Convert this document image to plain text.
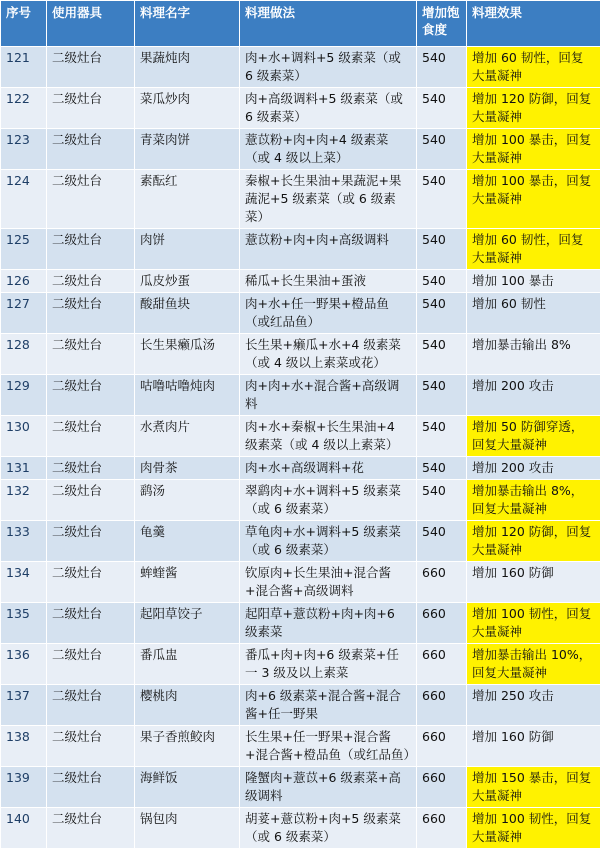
序号	使用器具	料理名字	料理做法	增加饱食度	料理效果
121	二级灶台	果蔬炖肉	肉+水+调料+5 级素菜（或 6 级素菜）	540	增加 60 韧性，回复大量凝神
122	二级灶台	菜瓜炒肉	肉+高级调料+5 级素菜（或 6 级素菜）	540	增加 120 防御，回复大量凝神
123	二级灶台	青菜肉饼	薏苡粉+肉+肉+4 级素菜（或 4 级以上菜）	540	增加 100 暴击，回复大量凝神
124	二级灶台	素酝红	秦椒+长生果油+果蔬泥+果蔬泥+5 级素菜（或 6 级素菜）	540	增加 100 暴击，回复大量凝神
125	二级灶台	肉饼	薏苡粉+肉+肉+高级调料	540	增加 60 韧性，回复大量凝神
126	二级灶台	瓜皮炒蛋	稀瓜+长生果油+蛋液	540	增加 100 暴击
127	二级灶台	酸甜鱼块	肉+水+任一野果+橙品鱼（或红品鱼）	540	增加 60 韧性
128	二级灶台	长生果癞瓜汤	长生果+癞瓜+水+4 级素菜（或 4 级以上素菜或花）	540	增加暴击输出 8%
129	二级灶台	咕噜咕噜炖肉	肉+肉+水+混合酱+高级调料	540	增加 200 攻击
130	二级灶台	水煮肉片	肉+水+秦椒+长生果油+4 级素菜（或 4 级以上素菜）	540	增加 50 防御穿透，回复大量凝神
131	二级灶台	肉骨茶	肉+水+高级调料+花	540	增加 200 攻击
132	二级灶台	鹞汤	翠鹞肉+水+调料+5 级素菜（或 6 级素菜）	540	增加暴击输出 8%，回复大量凝神
133	二级灶台	龟羹	草龟肉+水+调料+5 级素菜（或 6 级素菜）	540	增加 120 防御，回复大量凝神
134	二级灶台	蛑蝰酱	钦原肉+长生果油+混合酱+混合酱+高级调料	660	增加 160 防御
135	二级灶台	起阳草饺子	起阳草+薏苡粉+肉+肉+6 级素菜	660	增加 100 韧性，回复大量凝神
136	二级灶台	番瓜盅	番瓜+肉+肉+6 级素菜+任一 3 级及以上素菜	660	增加暴击输出 10%，回复大量凝神
137	二级灶台	樱桃肉	肉+6 级素菜+混合酱+混合酱+任一野果	660	增加 250 攻击
138	二级灶台	果子香煎鲛肉	长生果+任一野果+混合酱+混合酱+橙品鱼（或红品鱼）	660	增加 160 防御
139	二级灶台	海鲜饭	隆蟹肉+薏苡+6 级素菜+高级调料	660	增加 150 暴击，回复大量凝神
140	二级灶台	锅包肉	胡荽+薏苡粉+肉+5 级素菜（或 6 级素菜）	660	增加 100 韧性，回复大量凝神
